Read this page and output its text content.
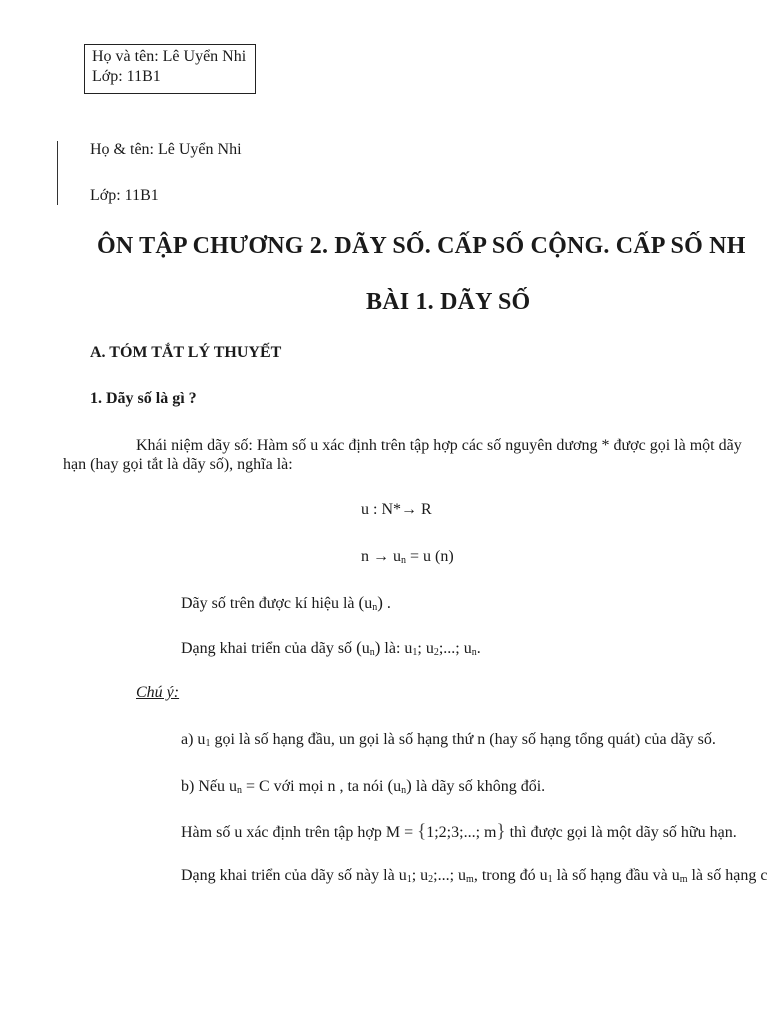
Họ và tên: Lê Uyển Nhi
Lớp: 11B1
Họ & tên: Lê Uyển Nhi
Lớp: 11B1
ÔN TẬP CHƯƠNG 2. DÃY SỐ. CẤP SỐ CỘNG. CẤP SỐ NH
BÀI 1. DÃY SỐ
A. TÓM TẮT LÝ THUYẾT
1. Dãy số là gì ?
Khái niệm dãy số: Hàm số u xác định trên tập hợp các số nguyên dương * được gọi là một dãy
hạn (hay gọi tắt là dãy số), nghĩa là:
u : N*→ R
$n \to u_n = u$ (n)
Dãy số trên được kí hiệu là $(u_n)$ .
Dạng khai triển của dãy số $(u_n)$ là: $u_1$; $u_2$;...; $u_n$.
Chú ý:
a) $u_1$ gọi là số hạng đầu, un gọi là số hạng thứ n (hay số hạng tổng quát) của dãy số.
b) Nếu $u_n = C$ với mọi n , ta nói $(u_n)$ là dãy số không đổi.
Hàm số u xác định trên tập hợp M = {1;2;3;...; m} thì được gọi là một dãy số hữu hạn.
Dạng khai triển của dãy số này là $u_1$; $u_2$;...; $u_m$, trong đó $u_1$ là số hạng đầu và $u_m$ là số hạng c
